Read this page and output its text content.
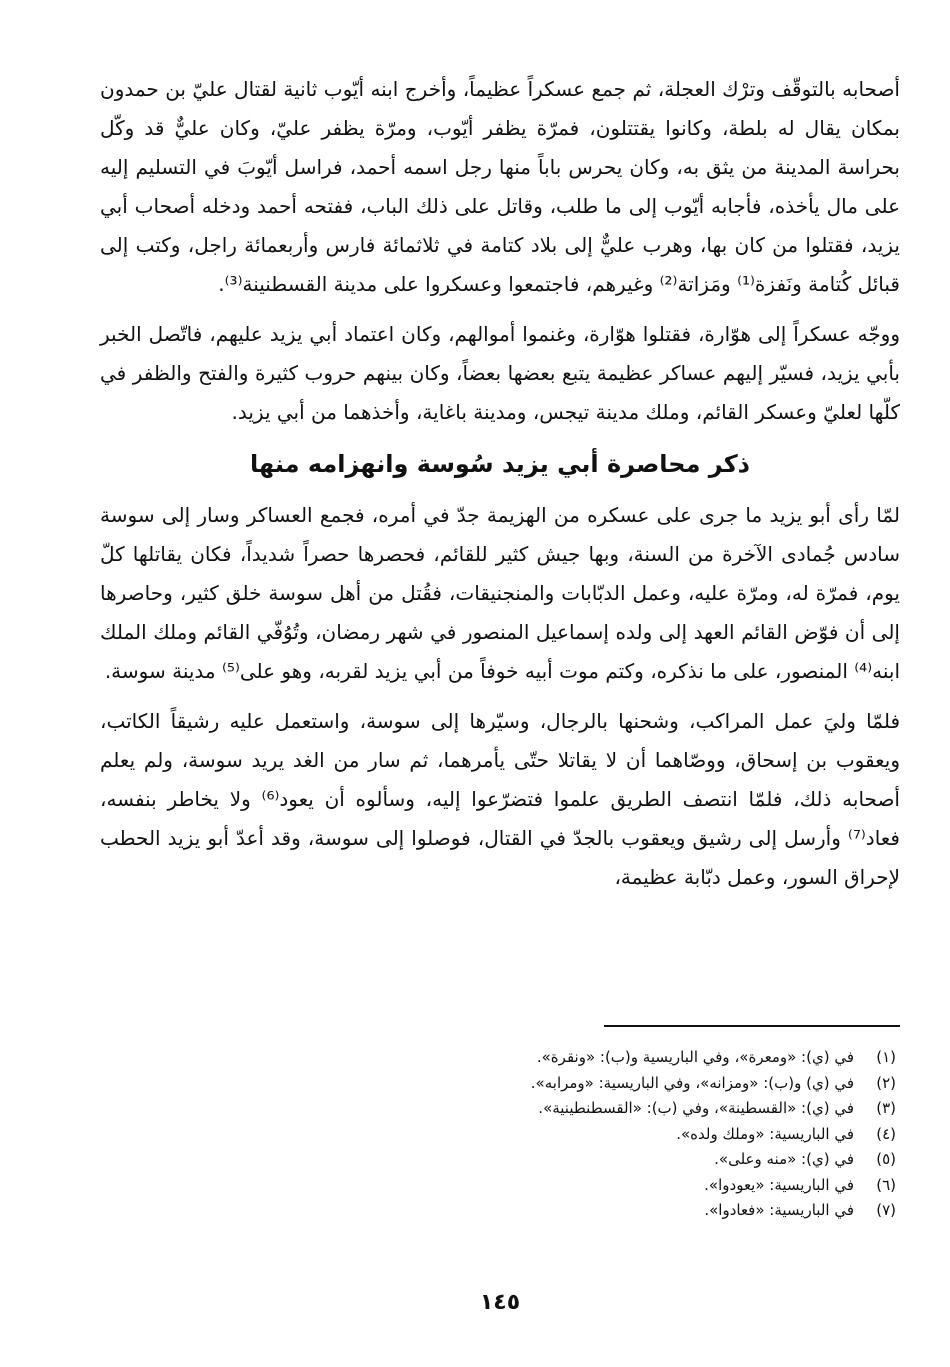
أصحابه بالتوقّف وترْك العجلة، ثم جمع عسكراً عظيماً، وأخرج ابنه أيّوب ثانية لقتال عليّ بن حمدون بمكان يقال له بلطة، وكانوا يقتتلون، فمرّة يظفر أيّوب، ومرّة يظفر عليّ، وكان عليٌّ قد وكّل بحراسة المدينة من يثق به، وكان يحرس باباً منها رجل اسمه أحمد، فراسل أيّوبَ في التسليم إليه على مال يأخذه، فأجابه أيّوب إلى ما طلب، وقاتل على ذلك الباب، ففتحه أحمد ودخله أصحاب أبي يزيد، فقتلوا من كان بها، وهرب عليٌّ إلى بلاد كتامة في ثلاثمائة فارس وأربعمائة راجل، وكتب إلى قبائل كُتامة ونَفزة⁽¹⁾ ومَزاتة⁽²⁾ وغيرهم، فاجتمعوا وعسكروا على مدينة القسطنينة⁽³⁾.

ووجّه عسكراً إلى هوّارة، فقتلوا هوّارة، وغنموا أموالهم، وكان اعتماد أبي يزيد عليهم، فاتّصل الخبر بأبي يزيد، فسيّر إليهم عساكر عظيمة يتبع بعضها بعضاً، وكان بينهم حروب كثيرة والفتح والظفر في كلّها لعليّ وعسكر القائم، وملك مدينة تيجس، ومدينة باغاية، وأخذهما من أبي يزيد.

ذكر محاصرة أبي يزيد سُوسة وانهزامه منها

لمّا رأى أبو يزيد ما جرى على عسكره من الهزيمة جدّ في أمره، فجمع العساكر وسار إلى سوسة سادس جُمادى الآخرة من السنة، وبها جيش كثير للقائم، فحصرها حصراً شديداً، فكان يقاتلها كلّ يوم، فمرّة له، ومرّة عليه، وعمل الدبّابات والمنجنيقات، فقُتل من أهل سوسة خلق كثير، وحاصرها إلى أن فوّض القائم العهد إلى ولده إسماعيل المنصور في شهر رمضان، وتُوُفّي القائم وملك الملك ابنه⁽⁴⁾ المنصور، على ما نذكره، وكتم موت أبيه خوفاً من أبي يزيد لقربه، وهو على⁽⁵⁾ مدينة سوسة.

فلمّا وليَ عمل المراكب، وشحنها بالرجال، وسيّرها إلى سوسة، واستعمل عليه رشيقاً الكاتب، ويعقوب بن إسحاق، ووصّاهما أن لا يقاتلا حتّى يأمرهما، ثم سار من الغد يريد سوسة، ولم يعلم أصحابه ذلك، فلمّا انتصف الطريق علموا فتضرّعوا إليه، وسألوه أن يعود⁽⁶⁾ ولا يخاطر بنفسه، فعاد⁽⁷⁾ وأرسل إلى رشيق ويعقوب بالجدّ في القتال، فوصلوا إلى سوسة، وقد أعدّ أبو يزيد الحطب لإحراق السور، وعمل دبّابة عظيمة،

(١)
في (ي): «ومعرة»، وفي الباريسية و(ب): «ونقرة».
(٢)
في (ي) و(ب): «ومزانه»، وفي الباريسية: «ومرابه».
(٣)
في (ي): «القسطينة»، وفي (ب): «القسطنطينية».
(٤)
في الباريسية: «وملك ولده».
(٥)
في (ي): «منه وعلى».
(٦)
في الباريسية: «يعودوا».
(٧)
في الباريسية: «فعادوا».
١٤٥
